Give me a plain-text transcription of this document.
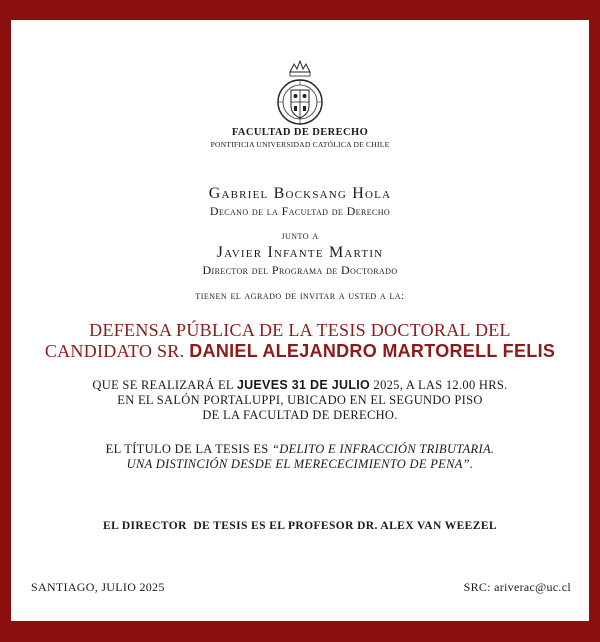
FACULTAD DE DERECHO
PONTIFICIA UNIVERSIDAD CATÓLICA DE CHILE
Gabriel Bocksang Hola
Decano de la Facultad de Derecho
junto a
Javier Infante Martin
Director del Programa de Doctorado
tienen el agrado de invitar a usted a la:
DEFENSA PÚBLICA DE LA TESIS DOCTORAL DEL
CANDIDATO SR. DANIEL ALEJANDRO MARTORELL FELIS
QUE SE REALIZARÁ EL JUEVES 31 DE JULIO 2025, A LAS 12.00 HRS.
EN EL SALÓN PORTALUPPI, UBICADO EN EL SEGUNDO PISO
DE LA FACULTAD DE DERECHO.
EL TÍTULO DE LA TESIS ES “DELITO E INFRACCIÓN TRIBUTARIA.
UNA DISTINCIÓN DESDE EL MERECECIMIENTO DE PENA”.
EL DIRECTOR  DE TESIS ES EL PROFESOR DR. ALEX VAN WEEZEL
SANTIAGO, JULIO 2025	SRC: ariverac@uc.cl
